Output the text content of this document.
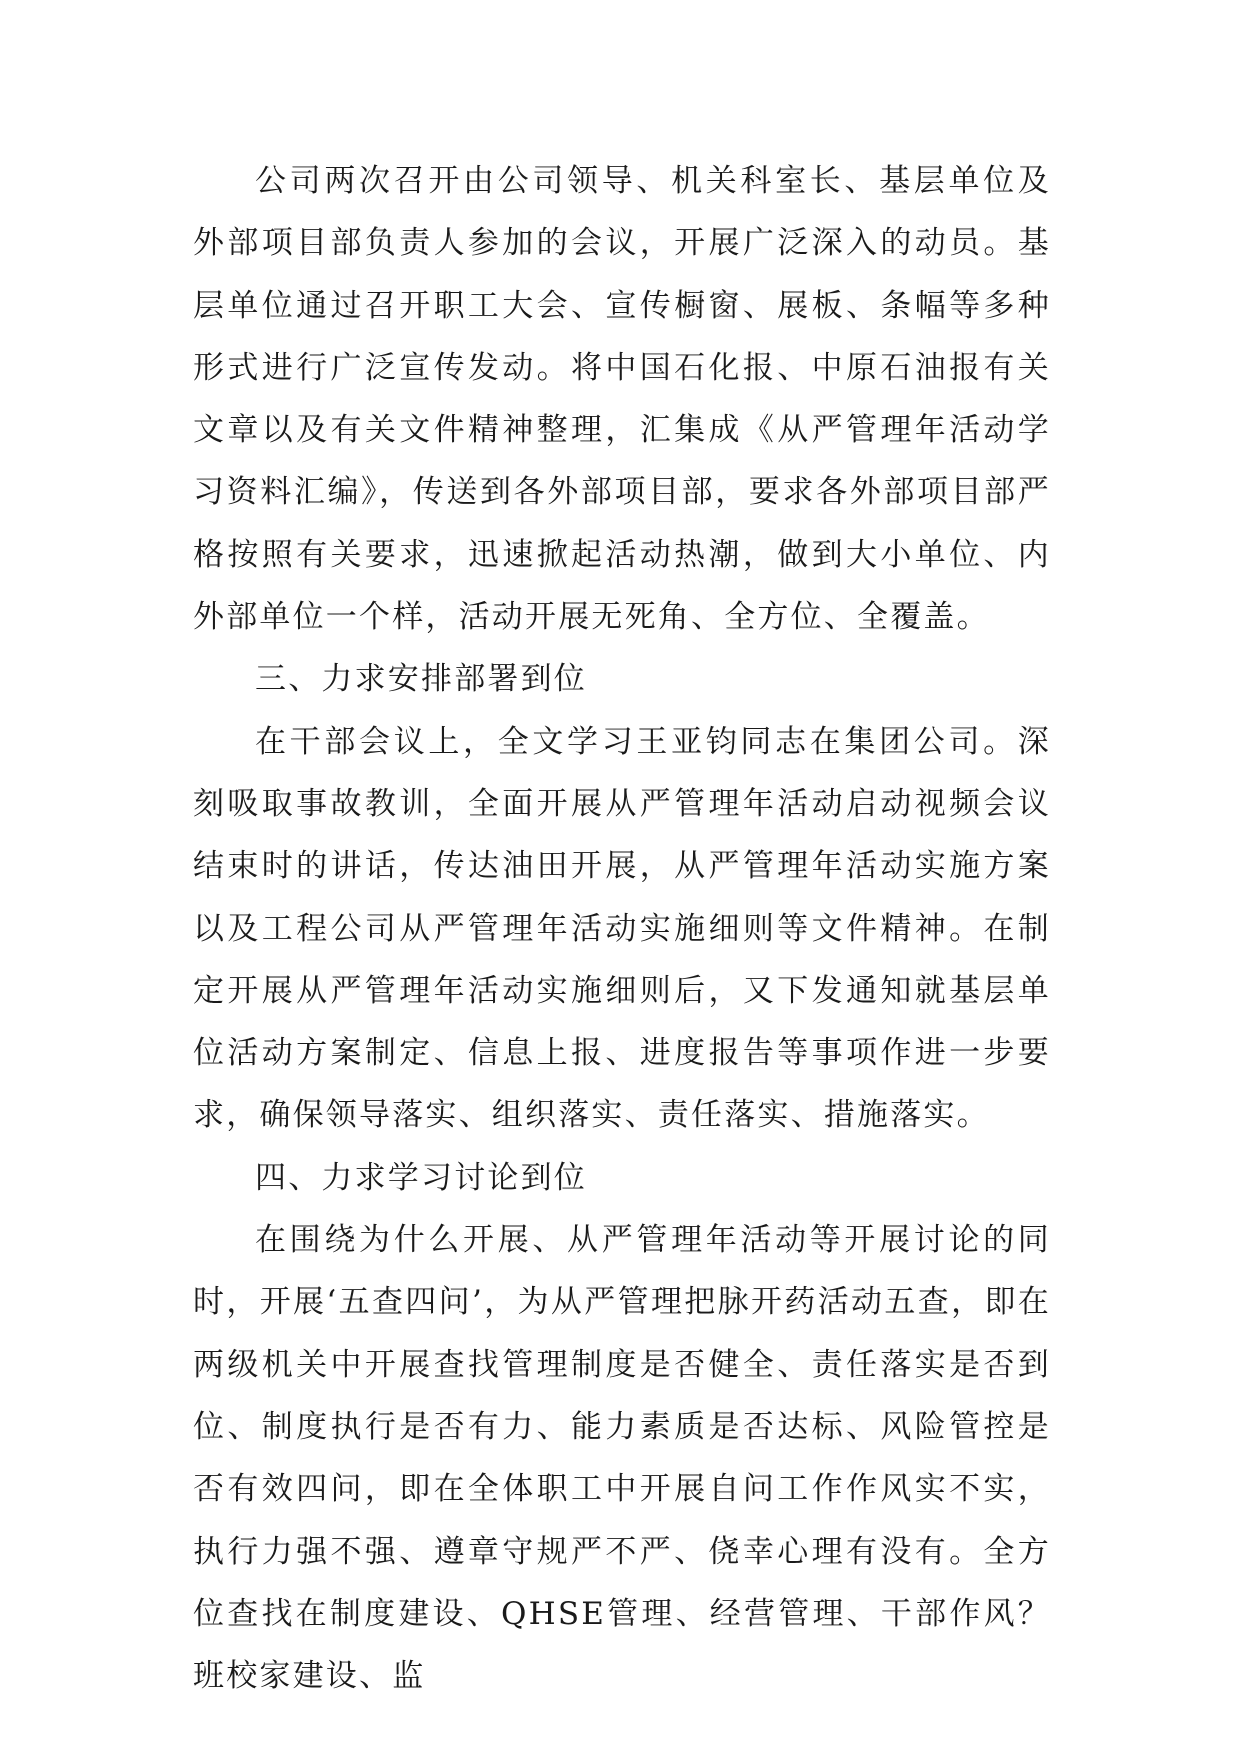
公司两次召开由公司领导、机关科室长、基层单位及外部项目部负责人参加的会议，开展广泛深入的动员。基层单位通过召开职工大会、宣传橱窗、展板、条幅等多种形式进行广泛宣传发动。将中国石化报、中原石油报有关文章以及有关文件精神整理，汇集成《从严管理年活动学习资料汇编》，传送到各外部项目部，要求各外部项目部严格按照有关要求，迅速掀起活动热潮，做到大小单位、内外部单位一个样，活动开展无死角、全方位、全覆盖。

三、力求安排部署到位

在干部会议上，全文学习王亚钧同志在集团公司。深刻吸取事故教训，全面开展从严管理年活动启动视频会议结束时的讲话，传达油田开展，从严管理年活动实施方案以及工程公司从严管理年活动实施细则等文件精神。在制定开展从严管理年活动实施细则后，又下发通知就基层单位活动方案制定、信息上报、进度报告等事项作进一步要求，确保领导落实、组织落实、责任落实、措施落实。

四、力求学习讨论到位

在围绕为什么开展、从严管理年活动等开展讨论的同时，开展‘五查四问’，为从严管理把脉开药活动五查，即在两级机关中开展查找管理制度是否健全、责任落实是否到位、制度执行是否有力、能力素质是否达标、风险管控是否有效四问，即在全体职工中开展自问工作作风实不实，执行力强不强、遵章守规严不严、侥幸心理有没有。全方位查找在制度建设、QHSE管理、经营管理、干部作风？班校家建设、监
